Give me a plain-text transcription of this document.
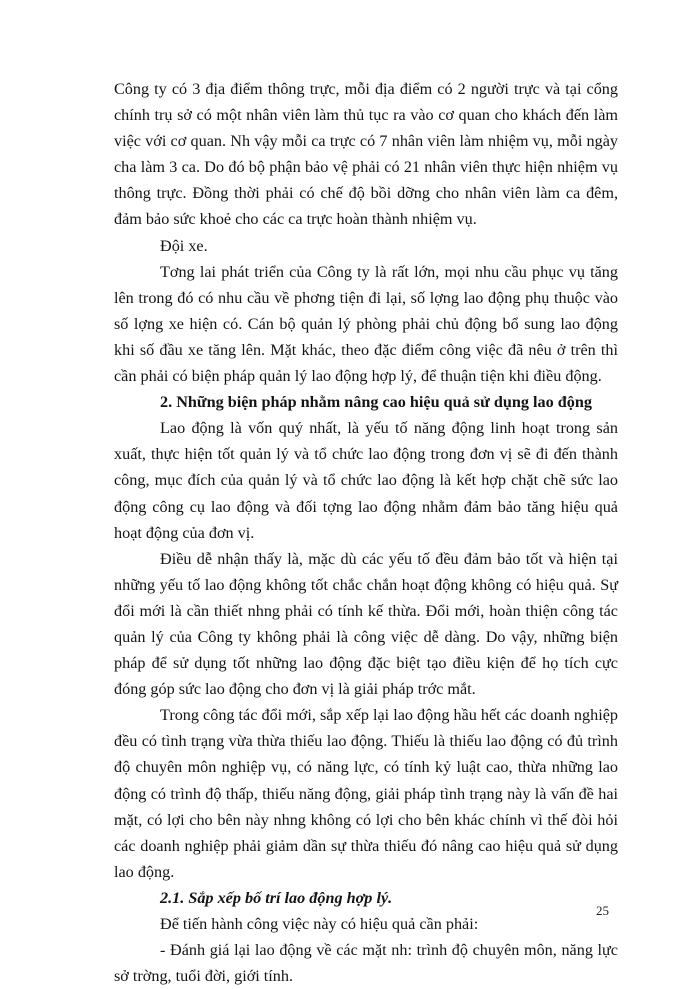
Công ty có 3 địa điểm thông trực, mỗi địa điểm có 2 người trực và tại cổng chính trụ sở có một nhân viên làm thủ tục ra vào cơ quan cho khách đến làm việc với cơ quan. Nh vậy mỗi ca trực có 7 nhân viên làm nhiệm vụ, mỗi ngày cha làm 3 ca. Do đó bộ phận bảo vệ phải có 21 nhân viên thực hiện nhiệm vụ thông trực. Đồng thời phải có chế độ bồi dỡng cho nhân viên làm ca đêm, đảm bảo sức khoẻ cho các ca trực hoàn thành nhiệm vụ.

Đội xe.

Tơng lai phát triển của Công ty là rất lớn, mọi nhu cầu phục vụ tăng lên trong đó có nhu cầu về phơng tiện đi lại, số lợng lao động phụ thuộc vào số lợng xe hiện có. Cán bộ quản lý phòng phải chủ động bổ sung lao động khi số đầu xe tăng lên. Mặt khác, theo đặc điểm công việc đã nêu ở trên thì cần phải có biện pháp quản lý lao động hợp lý, để thuận tiện khi điều động.

2. Những biện pháp nhằm nâng cao hiệu quả sử dụng lao động

Lao động là vốn quý nhất, là yếu tố năng động linh hoạt trong sản xuất, thực hiện tốt quản lý và tổ chức lao động trong đơn vị sẽ đi đến thành công, mục đích của quản lý và tổ chức lao động là kết hợp chặt chẽ sức lao động công cụ lao động và đối tợng lao động nhằm đảm bảo tăng hiệu quả hoạt động của đơn vị.

Điều dễ nhận thấy là, mặc dù các yếu tố đều đảm bảo tốt và hiện tại những yếu tố lao động không tốt chắc chắn hoạt động không có hiệu quả. Sự đổi mới là cần thiết nhng phải có tính kế thừa. Đổi mới, hoàn thiện công tác quản lý của Công ty không phải là công việc dễ dàng. Do vậy, những biện pháp để sử dụng tốt những lao động đặc biệt tạo điều kiện để họ tích cực đóng góp sức lao động cho đơn vị là giải pháp trớc mắt.

Trong công tác đổi mới, sắp xếp lại lao động hầu hết các doanh nghiệp đều có tình trạng vừa thừa thiếu lao động. Thiếu là thiếu lao động có đủ trình độ chuyên môn nghiệp vụ, có năng lực, có tính kỷ luật cao, thừa những lao động có trình độ thấp, thiếu năng động, giải pháp tình trạng này là vấn đề hai mặt, có lợi cho bên này nhng không có lợi cho bên khác chính vì thế đòi hỏi các doanh nghiệp phải giảm dần sự thừa thiếu đó nâng cao hiệu quả sử dụng lao động.

2.1. Sắp xếp bố trí lao động hợp lý.

Để tiến hành công việc này có hiệu quả cần phải:

- Đánh giá lại lao động về các mặt nh: trình độ chuyên môn, năng lực sở trờng, tuổi đời, giới tính.

25
